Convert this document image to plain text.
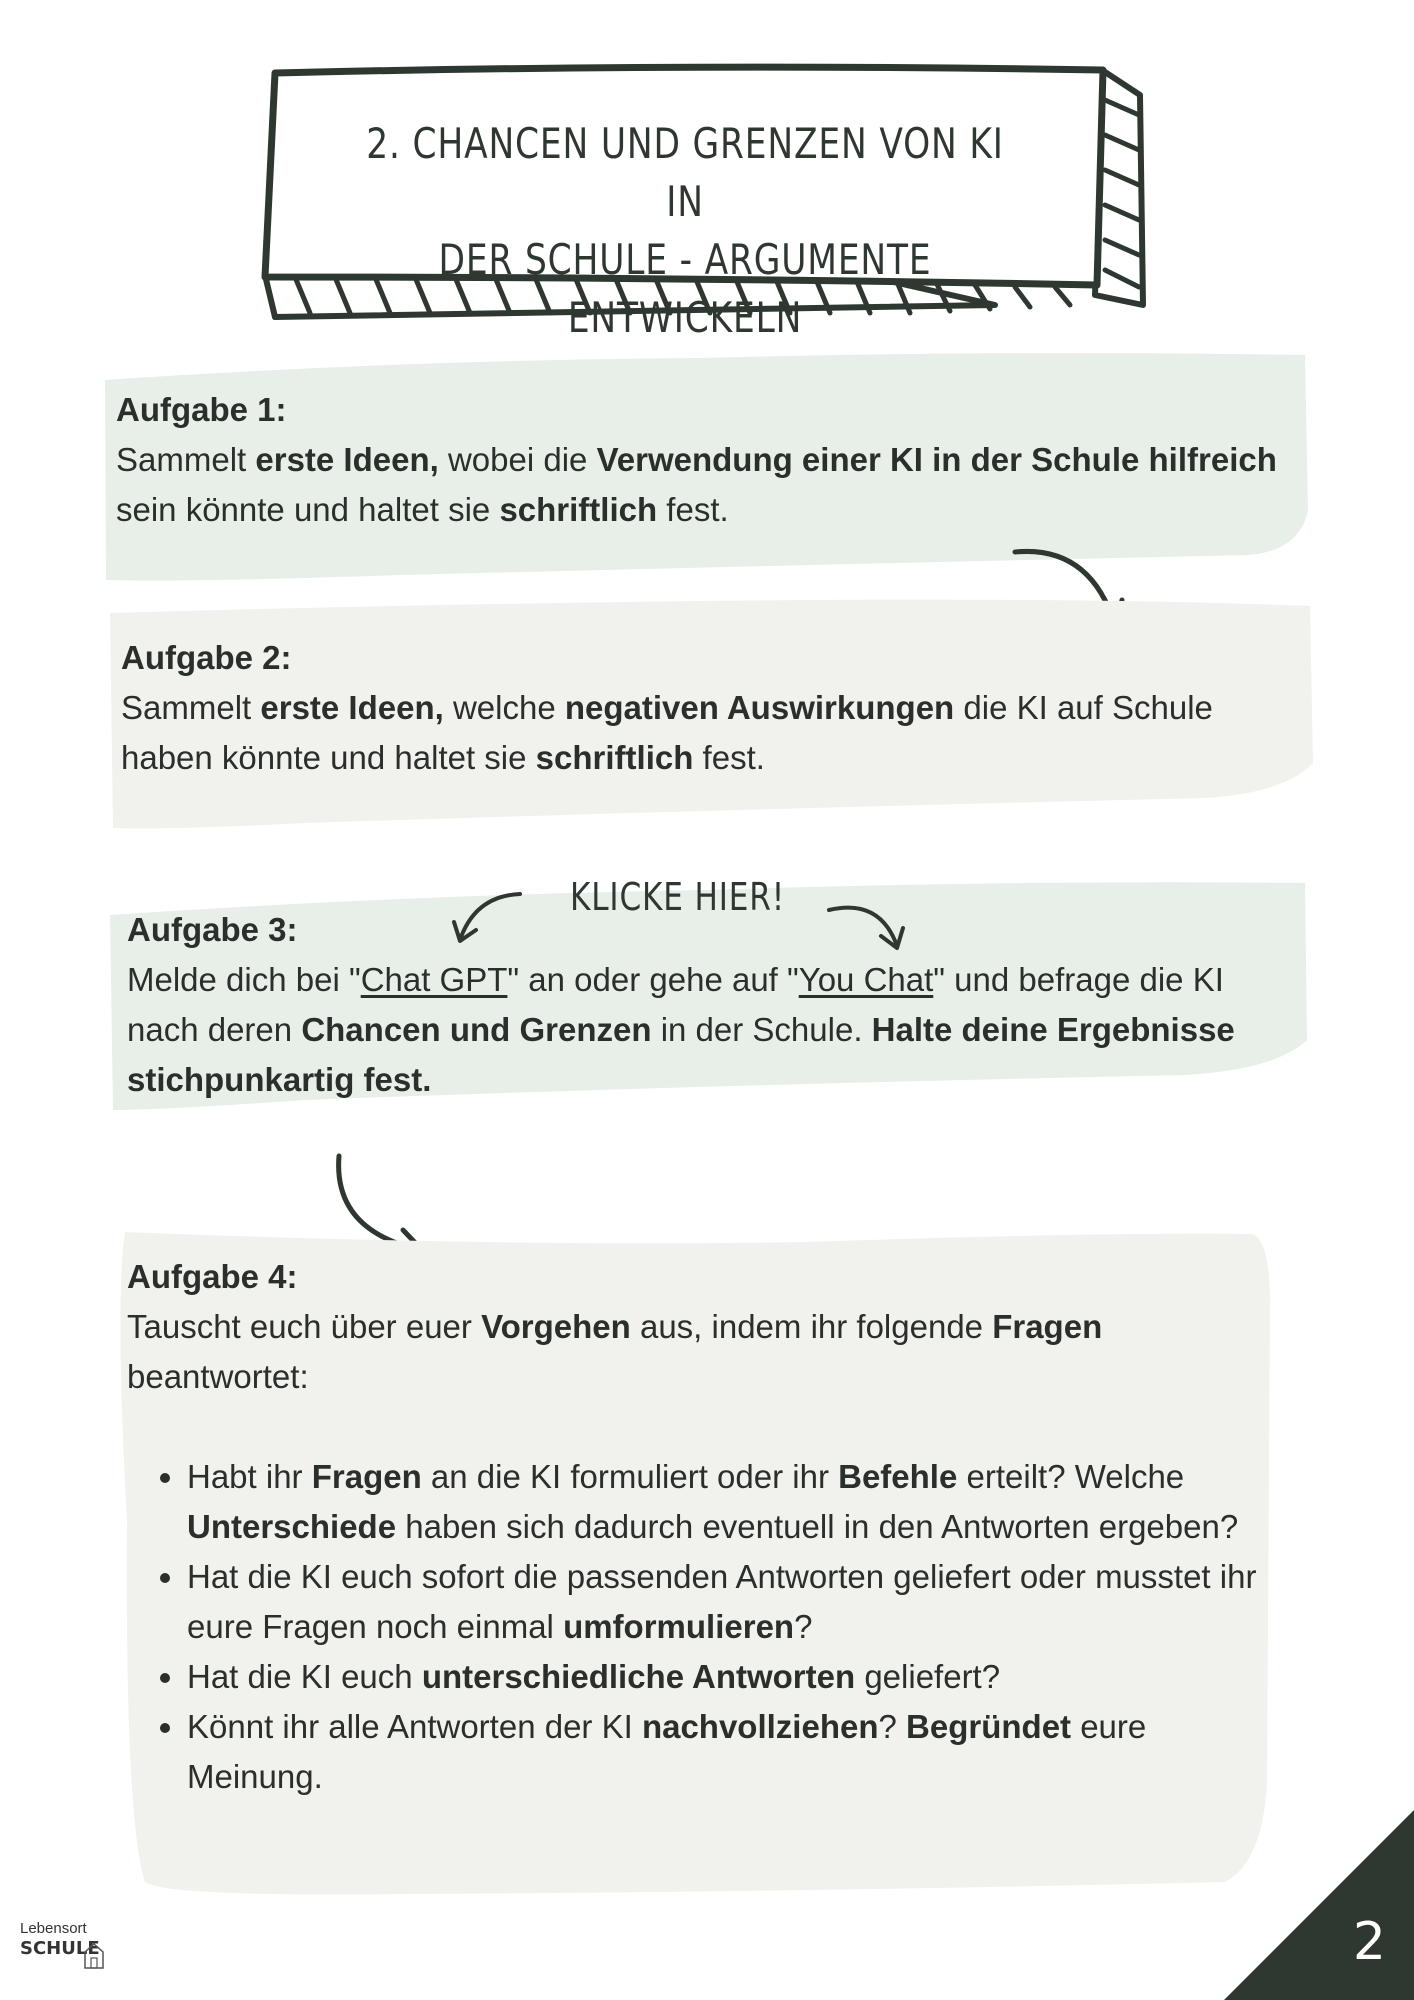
2. CHANCEN UND GRENZEN VON KI IN
DER SCHULE - ARGUMENTE ENTWICKELN
Aufgabe 1:
Sammelt erste Ideen, wobei die Verwendung einer KI in der Schule hilfreich sein könnte und haltet sie schriftlich fest.
Aufgabe 2:
Sammelt erste Ideen, welche negativen Auswirkungen die KI auf Schule haben könnte und haltet sie schriftlich fest.
Aufgabe 3:
Melde dich bei "Chat GPT" an oder gehe auf "You Chat" und befrage die KI nach deren Chancen und Grenzen in der Schule. Halte deine Ergebnisse stichpunkartig fest.
KLICKE HIER!
Aufgabe 4:
Tauscht euch über euer Vorgehen aus, indem ihr folgende Fragen beantwortet:
• Habt ihr Fragen an die KI formuliert oder ihr Befehle erteilt? Welche Unterschiede haben sich dadurch eventuell in den Antworten ergeben?
• Hat die KI euch sofort die passenden Antworten geliefert oder musstet ihr eure Fragen noch einmal umformulieren?
• Hat die KI euch unterschiedliche Antworten geliefert?
• Könnt ihr alle Antworten der KI nachvollziehen? Begründet eure Meinung.
Lebensort
SCHULE	2
